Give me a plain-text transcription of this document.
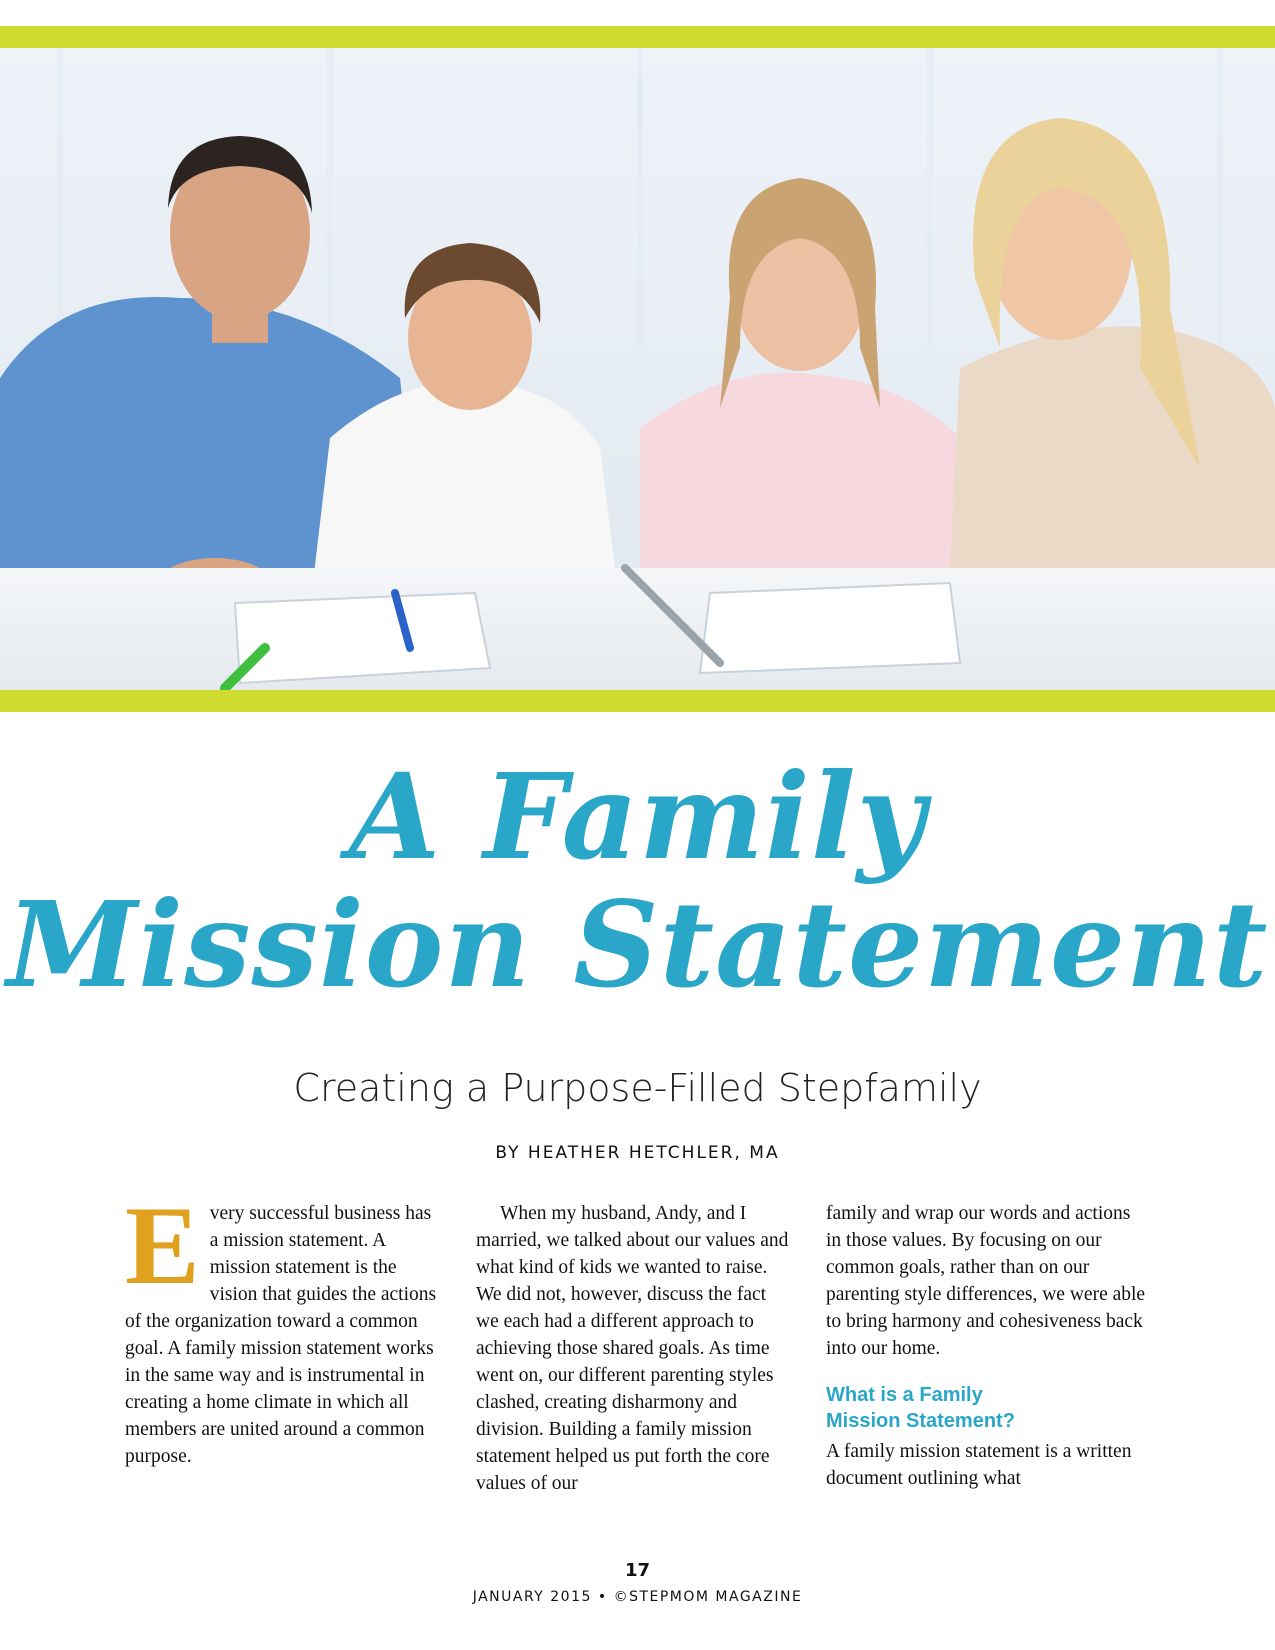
A Family
Mission Statement
Creating a Purpose-Filled Stepfamily
BY HEATHER HETCHLER, MA
E very successful business has a mission statement. A mission statement is the vision that guides the actions of the organization toward a common goal. A family mission statement works in the same way and is instrumental in creating a home climate in which all members are united around a common purpose.

When my husband, Andy, and I married, we talked about our values and what kind of kids we wanted to raise. We did not, however, discuss the fact we each had a different approach to achieving those shared goals. As time went on, our different parenting styles clashed, creating disharmony and division. Building a family mission statement helped us put forth the core values of our

family and wrap our words and actions in those values. By focusing on our common goals, rather than on our parenting style differences, we were able to bring harmony and cohesiveness back into our home.

What is a Family
Mission Statement?

A family mission statement is a written document outlining what

17
JANUARY 2015 • ©STEPMOM MAGAZINE
